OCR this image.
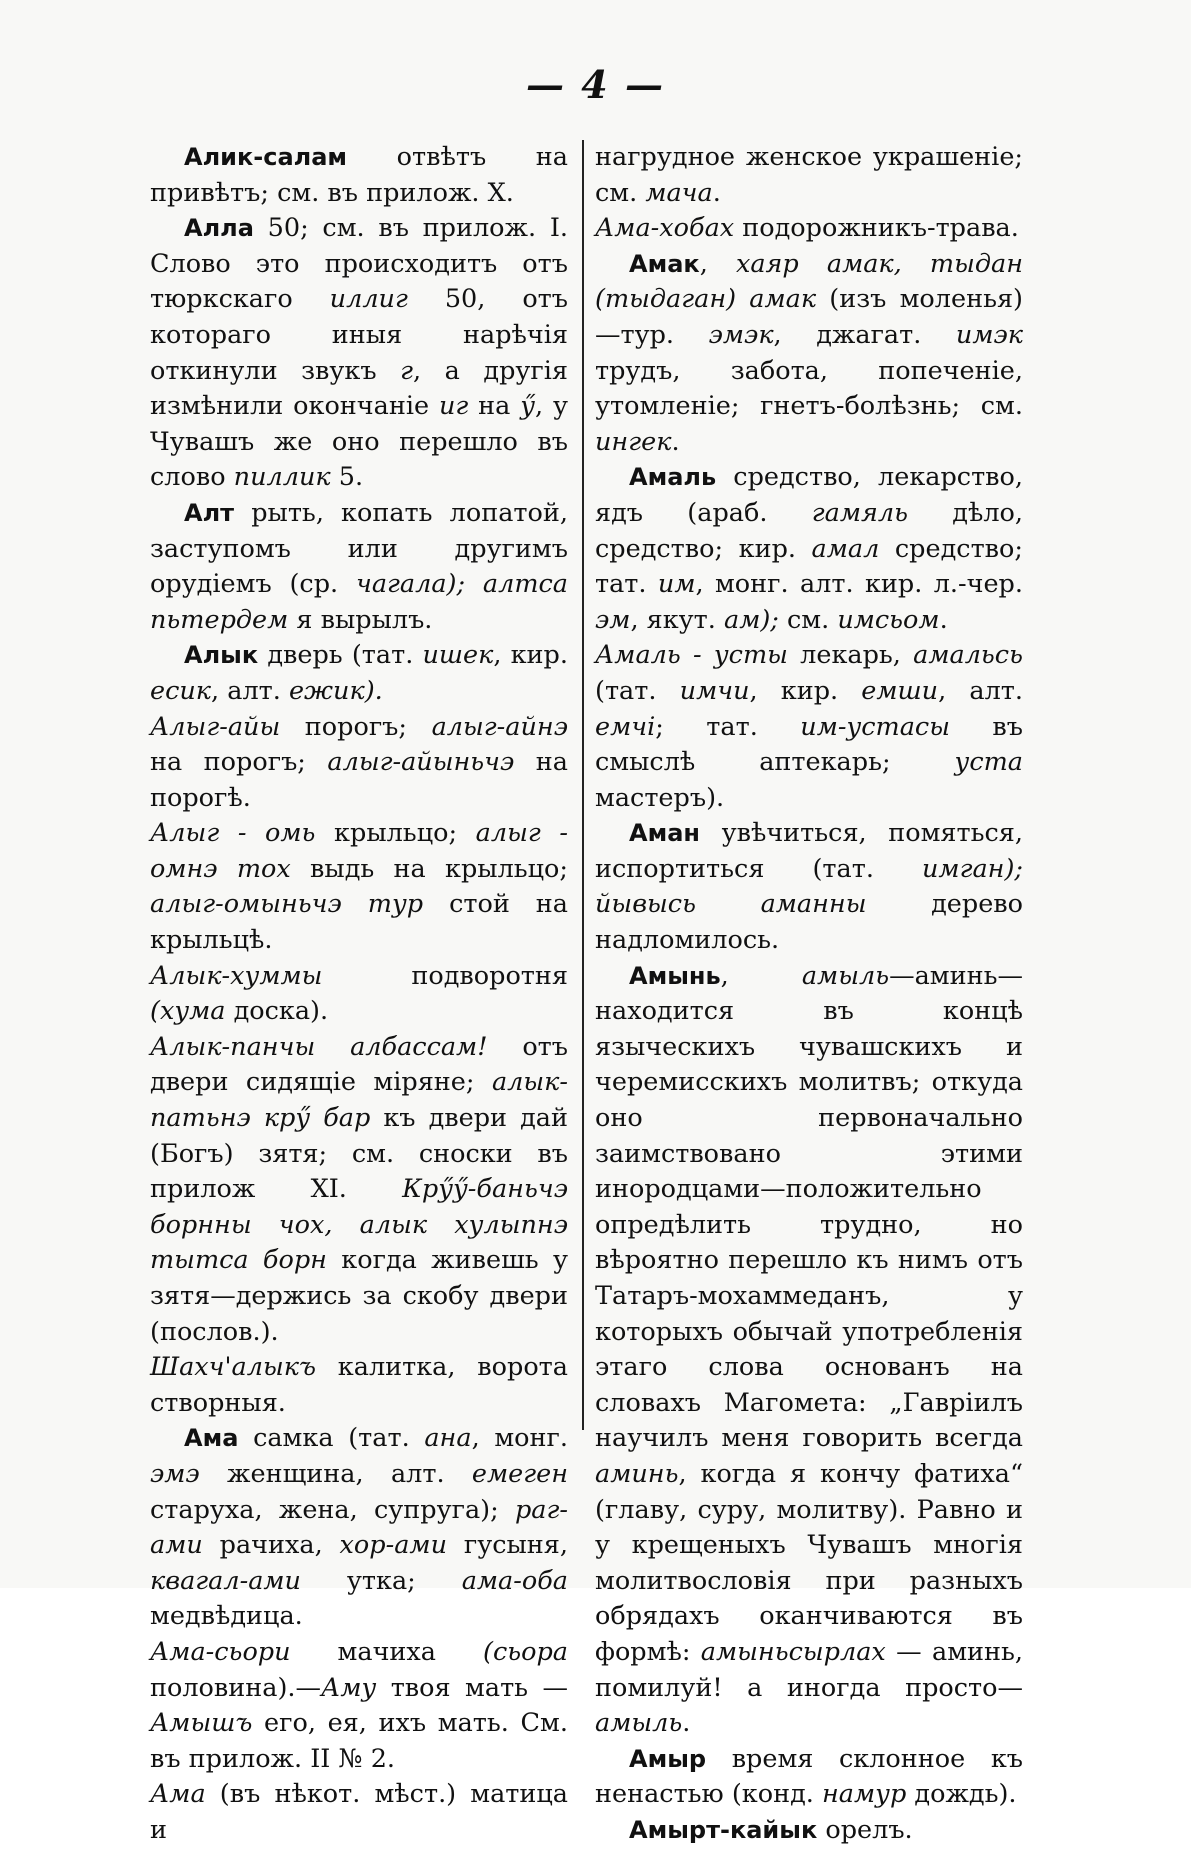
— 4 —

Алик-салам отвѣтъ на привѣтъ; см. въ прилож. X.

Алла 50; см. въ прилож. I. Слово это происходитъ отъ тюркскаго иллиг 50, отъ котораго иныя нарѣчія откинули звукъ г, а другія измѣнили окончаніе иг на ӳ, у Чувашъ же оно перешло въ слово пиллик 5.

Алт рыть, копать лопатой, заступомъ или другимъ орудіемъ (ср. чагала); алтса пьтердем я вырылъ.

Алык дверь (тат. ишек, кир. есик, алт. ежик).

Алыг-айы порогъ; алыг-айнэ на порогъ; алыг-айыньчэ на порогѣ.

Алыг - омь крыльцо; алыг - омнэ тох выдь на крыльцо; алыг-омыньчэ тур стой на крыльцѣ.

Алык-хуммы подворотня (хума доска).

Алык-панчы албассам! отъ двери сидящіе міряне; алык-патьнэ крӳ бар къ двери дай (Богъ) зятя; см. сноски въ прилож XI. Крӳӳ-баньчэ борнны чох, алык хулыпнэ тытса борн когда живешь у зятя—держись за скобу двери (послов.).

Шахч'алыкъ калитка, ворота створныя.

Ама самка (тат. ана, монг. эмэ женщина, алт. емеген старуха, жена, супруга); раг-ами рачиха, хор-ами гусыня, квагал-ами утка; ама-оба медвѣдица.

Ама-сьори мачиха (сьора половина).—Аму твоя мать —Амышъ его, ея, ихъ мать. См. въ прилож. II № 2.

Ама (въ нѣкот. мѣст.) матица и

нагрудное женское украшеніе; см. мача.

Ама-хобах подорожникъ-трава.

Амак, хаяр амак, тыдан (тыдаган) амак (изъ моленья)—тур. эмэк, джагат. имэк трудъ, забота, попеченіе, утомленіе; гнетъ-болѣзнь; см. ингек.

Амаль средство, лекарство, ядъ (араб. гамяль дѣло, средство; кир. амал средство; тат. им, монг. алт. кир. л.-чер. эм, якут. ам); см. имсьом.

Амаль - усты лекарь, амальсь (тат. имчи, кир. емши, алт. емчі; тат. им-устасы въ смыслѣ аптекарь; уста мастеръ).

Аман увѣчиться, помяться, испортиться (тат. имган); йывысь аманны дерево надломилось.

Амынь, амыль—аминь—находится въ концѣ языческихъ чувашскихъ и черемисскихъ молитвъ; откуда оно первоначально заимствовано этими инородцами—положительно опредѣлить трудно, но вѣроятно перешло къ нимъ отъ Татаръ-мохаммеданъ, у которыхъ обычай употребленія этаго слова основанъ на словахъ Магомета: „Гавріилъ научилъ меня говорить всегда аминь, когда я кончу фатиха“ (главу, суру, молитву). Равно и у крещеныхъ Чувашъ многія молитвословія при разныхъ обрядахъ оканчиваются въ формѣ: амыньсырлах — аминь, помилуй! а иногда просто—амыль.

Амыр время склонное къ ненастью (конд. намур дождь).

Амырт-кайык орелъ.
